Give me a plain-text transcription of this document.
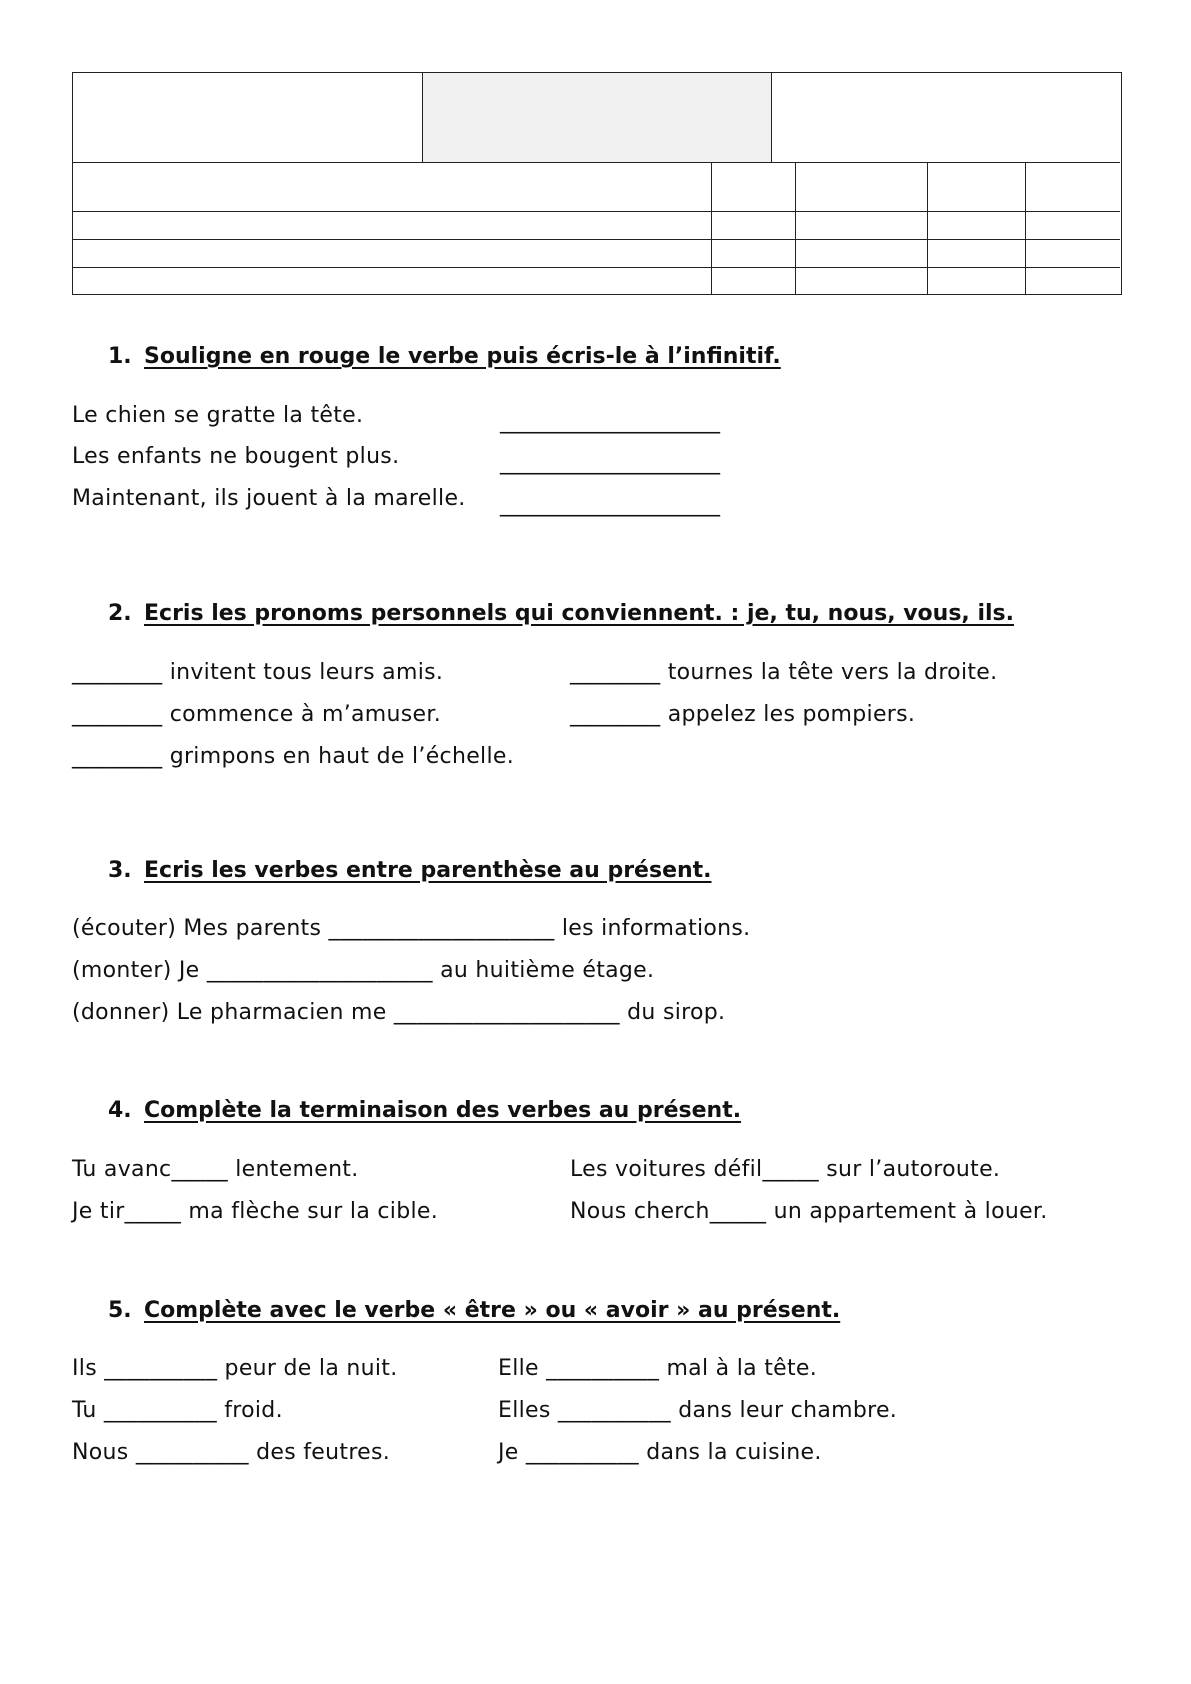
1. Souligne en rouge le verbe puis écris-le à l’infinitif.
Le chien se gratte la tête.	____________________
Les enfants ne bougent plus.	____________________
Maintenant, ils jouent à la marelle. ____________________
2. Ecris les pronoms personnels qui conviennent. : je, tu, nous, vous, ils.
________ invitent tous leurs amis.	________ tournes la tête vers la droite.
________ commence à m’amuser.	________ appelez les pompiers.
________ grimpons en haut de l’échelle.
3. Ecris les verbes entre parenthèse au présent.
(écouter) Mes parents ____________________ les informations.
(monter) Je ____________________ au huitième étage.
(donner) Le pharmacien me ____________________ du sirop.
4. Complète la terminaison des verbes au présent.
Tu avanc_____ lentement.	Les voitures défil_____ sur l’autoroute.
Je tir_____ ma flèche sur la cible.	Nous cherch_____ un appartement à louer.
5. Complète avec le verbe « être » ou « avoir » au présent.
Ils __________ peur de la nuit.	Elle __________ mal à la tête.
Tu __________ froid.	Elles __________ dans leur chambre.
Nous __________ des feutres.	Je __________ dans la cuisine.
